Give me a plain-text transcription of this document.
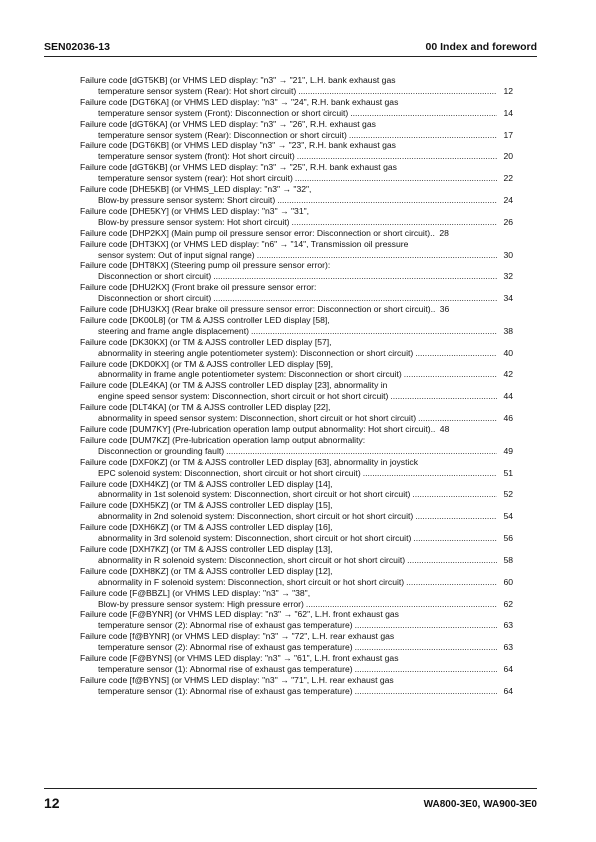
SEN02036-13	00 Index and foreword
Failure code [dGT5KB] (or VHMS LED display: "n3" → "21", L.H. bank exhaust gas
temperature sensor system (Rear): Hot short circuit) .....	12
Failure code [DGT6KA] (or VHMS LED display: "n3" → "24", R.H. bank exhaust gas
temperature sensor system (Front): Disconnection or short circuit) .....	14
Failure code [dGT6KA] (or VHMS LED display: "n3" → "26", R.H. exhaust gas
temperature sensor system (Rear): Disconnection or short circuit) .....	17
Failure code [DGT6KB] (or VHMS LED display "n3" → "23", R.H. bank exhaust gas
temperature sensor system (front): Hot short circuit) .....	20
Failure code [dGT6KB] (or VHMS LED display: "n3" → "25", R.H. bank exhaust gas
temperature sensor system (rear): Hot short circuit) .....	22
Failure code [DHE5KB] (or VHMS_LED display: "n3" → "32",
Blow-by pressure sensor system: Short circuit) .....	24
Failure code [DHE5KY] (or VHMS LED display: "n3" → "31",
Blow-by pressure sensor system: Hot short circuit) .....	26
Failure code [DHP2KX] (Main pump oil pressure sensor error: Disconnection or short circuit).. 28
Failure code [DHT3KX] (or VHMS LED display: "n6" → "14", Transmission oil pressure
sensor system: Out of input signal range) .....	30
Failure code [DHT8KX] (Steering pump oil pressure sensor error):
Disconnection or short circuit) .....	32
Failure code [DHU2KX] (Front brake oil pressure sensor error:
Disconnection or short circuit) .....	34
Failure code [DHU3KX] (Rear brake oil pressure sensor error: Disconnection or short circuit).. 36
Failure code [DK00L8] (or TM & AJSS controller LED display [58],
steering and frame angle displacement) .....	38
Failure code [DK30KX] (or TM & AJSS controller LED display [57],
abnormality in steering angle potentiometer system): Disconnection or short circuit) .....	40
Failure code [DKD0KX] (or TM & AJSS controller LED display [59],
abnormality in frame angle potentiometer system: Disconnection or short circuit) .....	42
Failure code [DLE4KA] (or TM & AJSS controller LED display [23], abnormality in
engine speed sensor system: Disconnection, short circuit or hot short circuit) .....	44
Failure code [DLT4KA] (or TM & AJSS controller LED display [22],
abnormality in speed sensor system: Disconnection, short circuit or hot short circuit) .....	46
Failure code [DUM7KY] (Pre-lubrication operation lamp output abnormality: Hot short circuit).. 48
Failure code [DUM7KZ] (Pre-lubrication operation lamp output abnormality:
Disconnection or grounding fault) .....	49
Failure code [DXF0KZ] (or TM & AJSS controller LED display [63], abnormality in joystick
EPC solenoid system: Disconnection, short circuit or hot short circuit) .....	51
Failure code [DXH4KZ] (or TM & AJSS controller LED display [14],
abnormality in 1st solenoid system: Disconnection, short circuit or hot short circuit) .....	52
Failure code [DXH5KZ] (or TM & AJSS controller LED display [15],
abnormality in 2nd solenoid system: Disconnection, short circuit or hot short circuit) .....	54
Failure code [DXH6KZ] (or TM & AJSS controller LED display [16],
abnormality in 3rd solenoid system: Disconnection, short circuit or hot short circuit) .....	56
Failure code [DXH7KZ] (or TM & AJSS controller LED display [13],
abnormality in R solenoid system: Disconnection, short circuit or hot short circuit) .....	58
Failure code [DXH8KZ] (or TM & AJSS controller LED display [12],
abnormality in F solenoid system: Disconnection, short circuit or hot short circuit) .....	60
Failure code [F@BBZL] (or VHMS LED display: "n3" → "38",
Blow-by pressure sensor system: High pressure error) .....	62
Failure code [F@BYNR] (or VHMS LED display: "n3" → "62", L.H. front exhaust gas
temperature sensor (2): Abnormal rise of exhaust gas temperature) .....	63
Failure code [f@BYNR] (or VHMS LED display: "n3" → "72", L.H. rear exhaust gas
temperature sensor (2): Abnormal rise of exhaust gas temperature) .....	63
Failure code [F@BYNS] (or VHMS LED display: "n3" → "61", L.H. front exhaust gas
temperature sensor (1): Abnormal rise of exhaust gas temperature) .....	64
Failure code [f@BYNS] (or VHMS LED display: "n3" → "71", L.H. rear exhaust gas
temperature sensor (1): Abnormal rise of exhaust gas temperature) .....	64
12	WA800-3E0, WA900-3E0
